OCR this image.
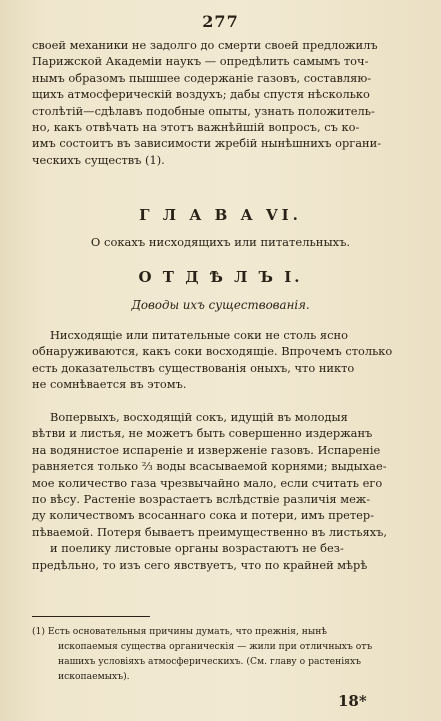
277
своей механики не задолго до смерти своей предложилъ
Парижской Академіи наукъ — опредѣлить самымъ точ-
нымъ образомъ пышшее содержаніе газовъ, составляю-
щихъ атмосферическій воздухъ; дабы спустя нѣсколько
столѣтій—сдѣлавъ подобные опыты, узнать положитель-
но, какъ отвѣчать на этотъ важнѣйшій вопросъ, съ ко-
имъ состоитъ въ зависимости жребій нынѣшнихъ органи-
ческихъ существъ (1).
Г Л А В А VI.
О сокахъ нисходящихъ или питательныхъ.
О Т Д Ѣ Л Ъ I.
Доводы ихъ существованія.
Нисходящіе или питательные соки не столь ясно
обнаруживаются, какъ соки восходящіе. Впрочемъ столько
есть доказательствъ существованія оныхъ, что никто
не сомнѣвается въ этомъ.
Вопервыхъ, восходящій сокъ, идущій въ молодыя
вѣтви и листья, не можетъ быть совершенно издержанъ
на водянистое испареніе и изверженіе газовъ. Испареніе
равняется только ⅔ воды всасываемой корнями; выдыхае-
мое количество газа чрезвычайно мало, если считать его
по вѣсу. Растеніе возрастаетъ вслѣдствіе различія меж-
ду количествомъ всосаннаго сока и потери, имъ претер-
пѣваемой. Потеря бываетъ преимущественно въ листьяхъ,
и поелику листовые органы возрастаютъ не без-
предѣльно, то изъ сего явствуетъ, что по крайней мѣрѣ
(1) Есть основательныя причины думать, что прежнія, нынѣ
ископаемыя существа органическія — жили при отличныхъ отъ
нашихъ условіяхъ атмосферическихъ. (См. главу о растеніяхъ
ископаемыхъ).
18*
